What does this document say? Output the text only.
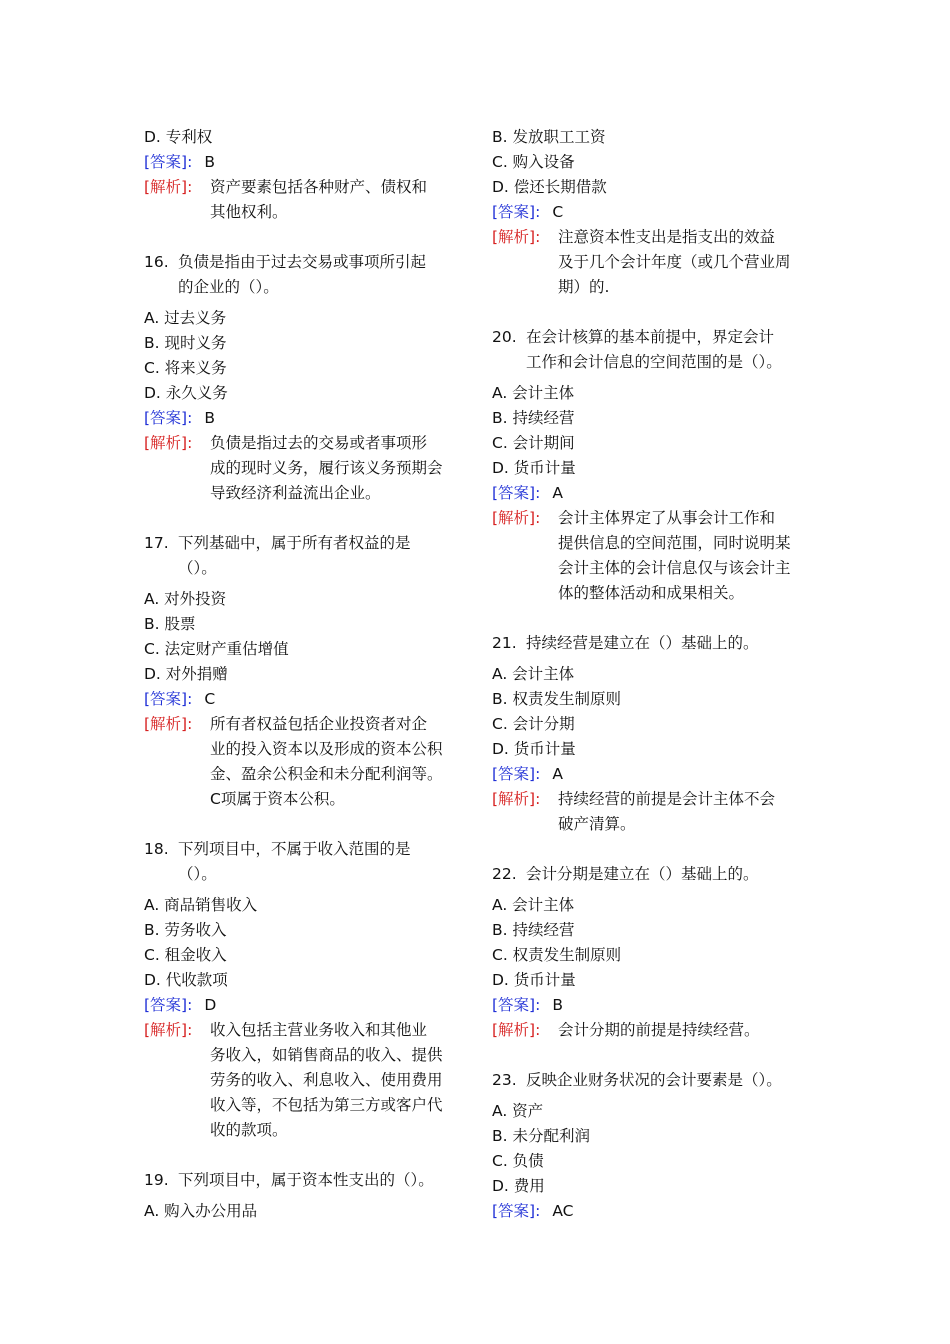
D. 专利权
[答案]: B
[解析]:	资产要素包括各种财产、债权和
其他权利。
16. 负债是指由于过去交易或事项所引起
的企业的（）。
A. 过去义务
B. 现时义务
C. 将来义务
D. 永久义务
[答案]: B
[解析]:	负债是指过去的交易或者事项形
成的现时义务，履行该义务预期会
导致经济利益流出企业。
17. 下列基础中，属于所有者权益的是
（）。
A. 对外投资
B. 股票
C. 法定财产重估增值
D. 对外捐赠
[答案]: C
[解析]:	所有者权益包括企业投资者对企
业的投入资本以及形成的资本公积
金、盈余公积金和未分配利润等。
C项属于资本公积。
18. 下列项目中，不属于收入范围的是
（）。
A. 商品销售收入
B. 劳务收入
C. 租金收入
D. 代收款项
[答案]: D
[解析]:	收入包括主营业务收入和其他业
务收入，如销售商品的收入、提供
劳务的收入、利息收入、使用费用
收入等，不包括为第三方或客户代
收的款项。
19. 下列项目中，属于资本性支出的（）。
A. 购入办公用品
B. 发放职工工资
C. 购入设备
D. 偿还长期借款
[答案]: C
[解析]:	注意资本性支出是指支出的效益
及于几个会计年度（或几个营业周
期）的.
20. 在会计核算的基本前提中，界定会计
工作和会计信息的空间范围的是（）。
A. 会计主体
B. 持续经营
C. 会计期间
D. 货币计量
[答案]: A
[解析]:	会计主体界定了从事会计工作和
提供信息的空间范围，同时说明某
会计主体的会计信息仅与该会计主
体的整体活动和成果相关。
21. 持续经营是建立在（）基础上的。
A. 会计主体
B. 权责发生制原则
C. 会计分期
D. 货币计量
[答案]: A
[解析]:	持续经营的前提是会计主体不会
破产清算。
22. 会计分期是建立在（）基础上的。
A. 会计主体
B. 持续经营
C. 权责发生制原则
D. 货币计量
[答案]: B
[解析]:	会计分期的前提是持续经营。
23. 反映企业财务状况的会计要素是（）。
A. 资产
B. 未分配利润
C. 负债
D. 费用
[答案]: AC
